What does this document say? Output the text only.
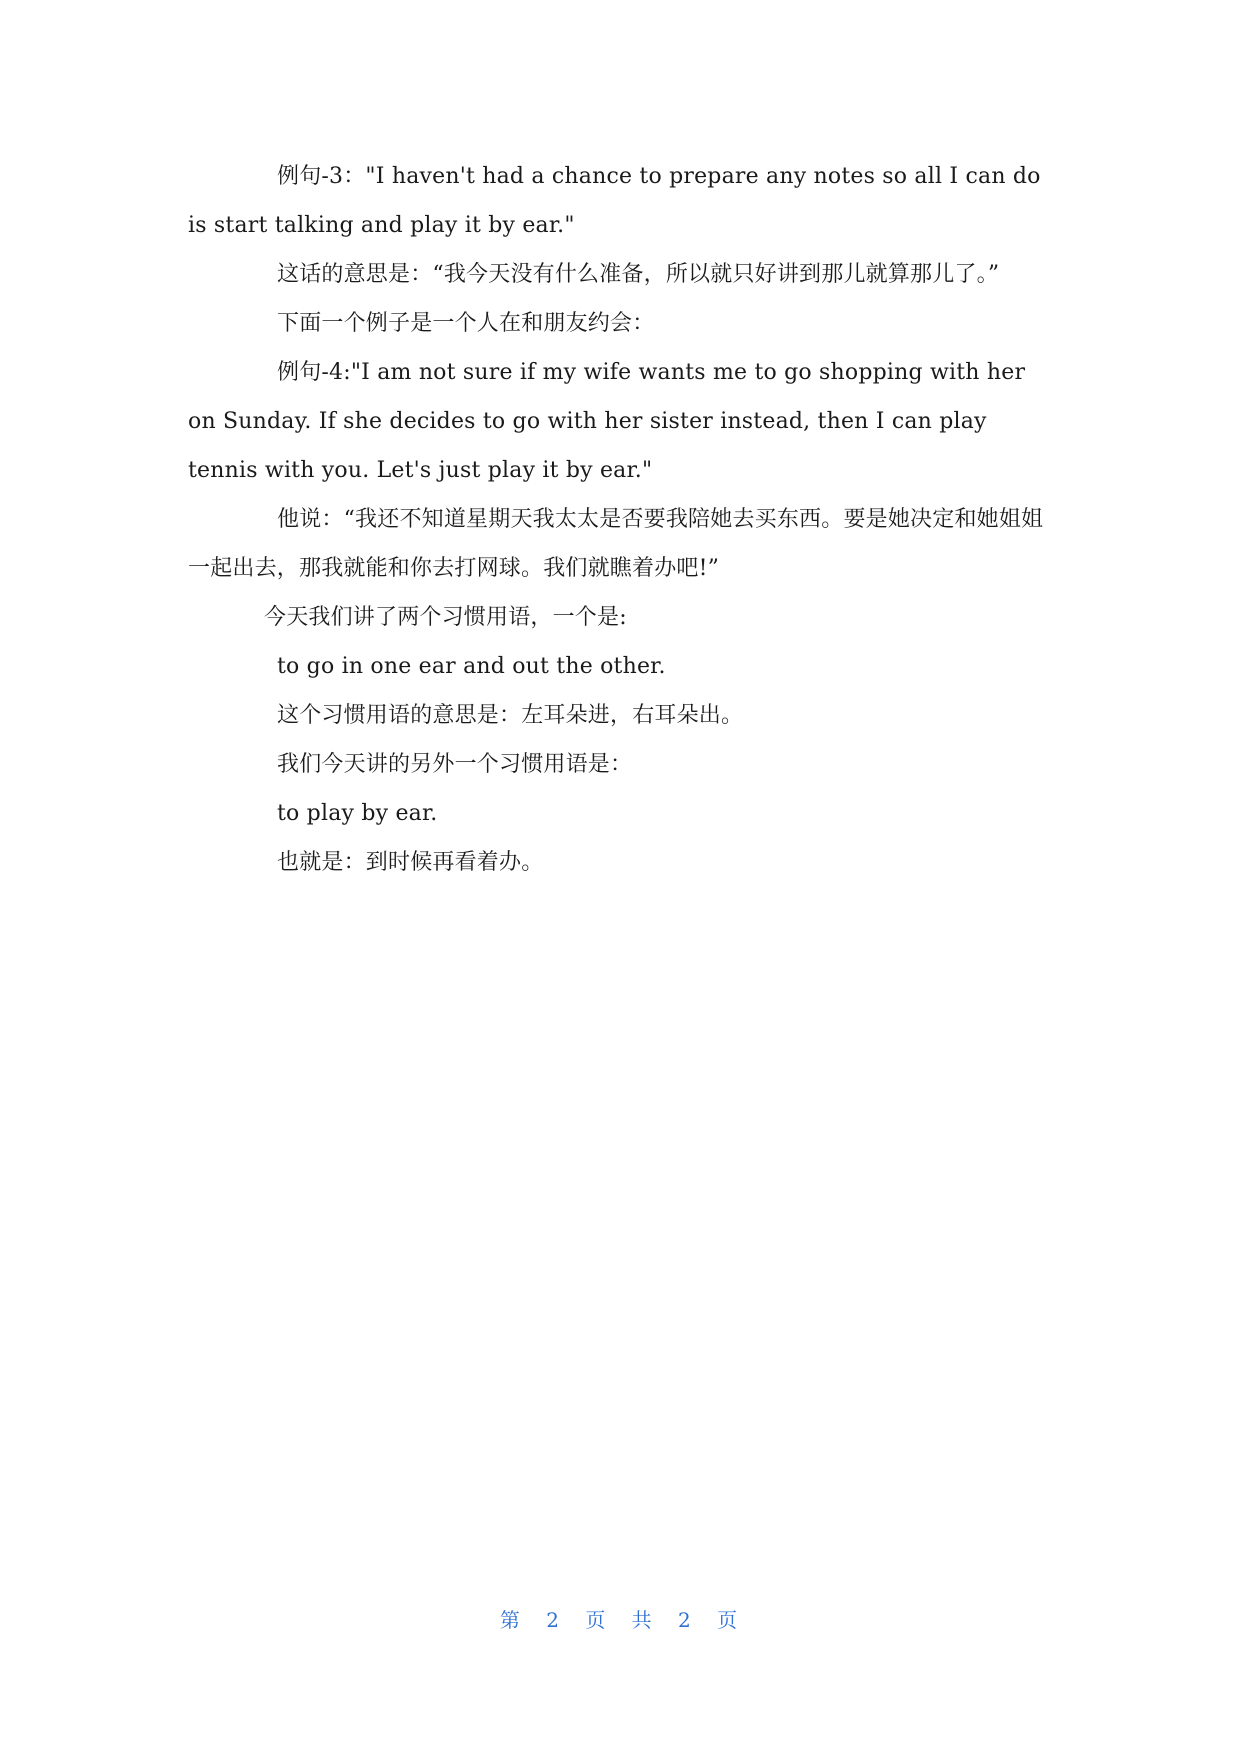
例句-3："I haven't had a chance to prepare any notes so all I can do is start talking and play it by ear."

这话的意思是：“我今天没有什么准备，所以就只好讲到那儿就算那儿了。”

下面一个例子是一个人在和朋友约会：

例句-4:"I am not sure if my wife wants me to go shopping with her on Sunday. If she decides to go with her sister instead, then I can play tennis with you. Let's just play it by ear."

他说：“我还不知道星期天我太太是否要我陪她去买东西。要是她决定和她姐姐一起出去，那我就能和你去打网球。我们就瞧着办吧!”

今天我们讲了两个习惯用语，一个是:

to go in one ear and out the other.

这个习惯用语的意思是：左耳朵进，右耳朵出。

我们今天讲的另外一个习惯用语是：

to play by ear.

也就是：到时候再看着办。

第 2 页 共 2 页
